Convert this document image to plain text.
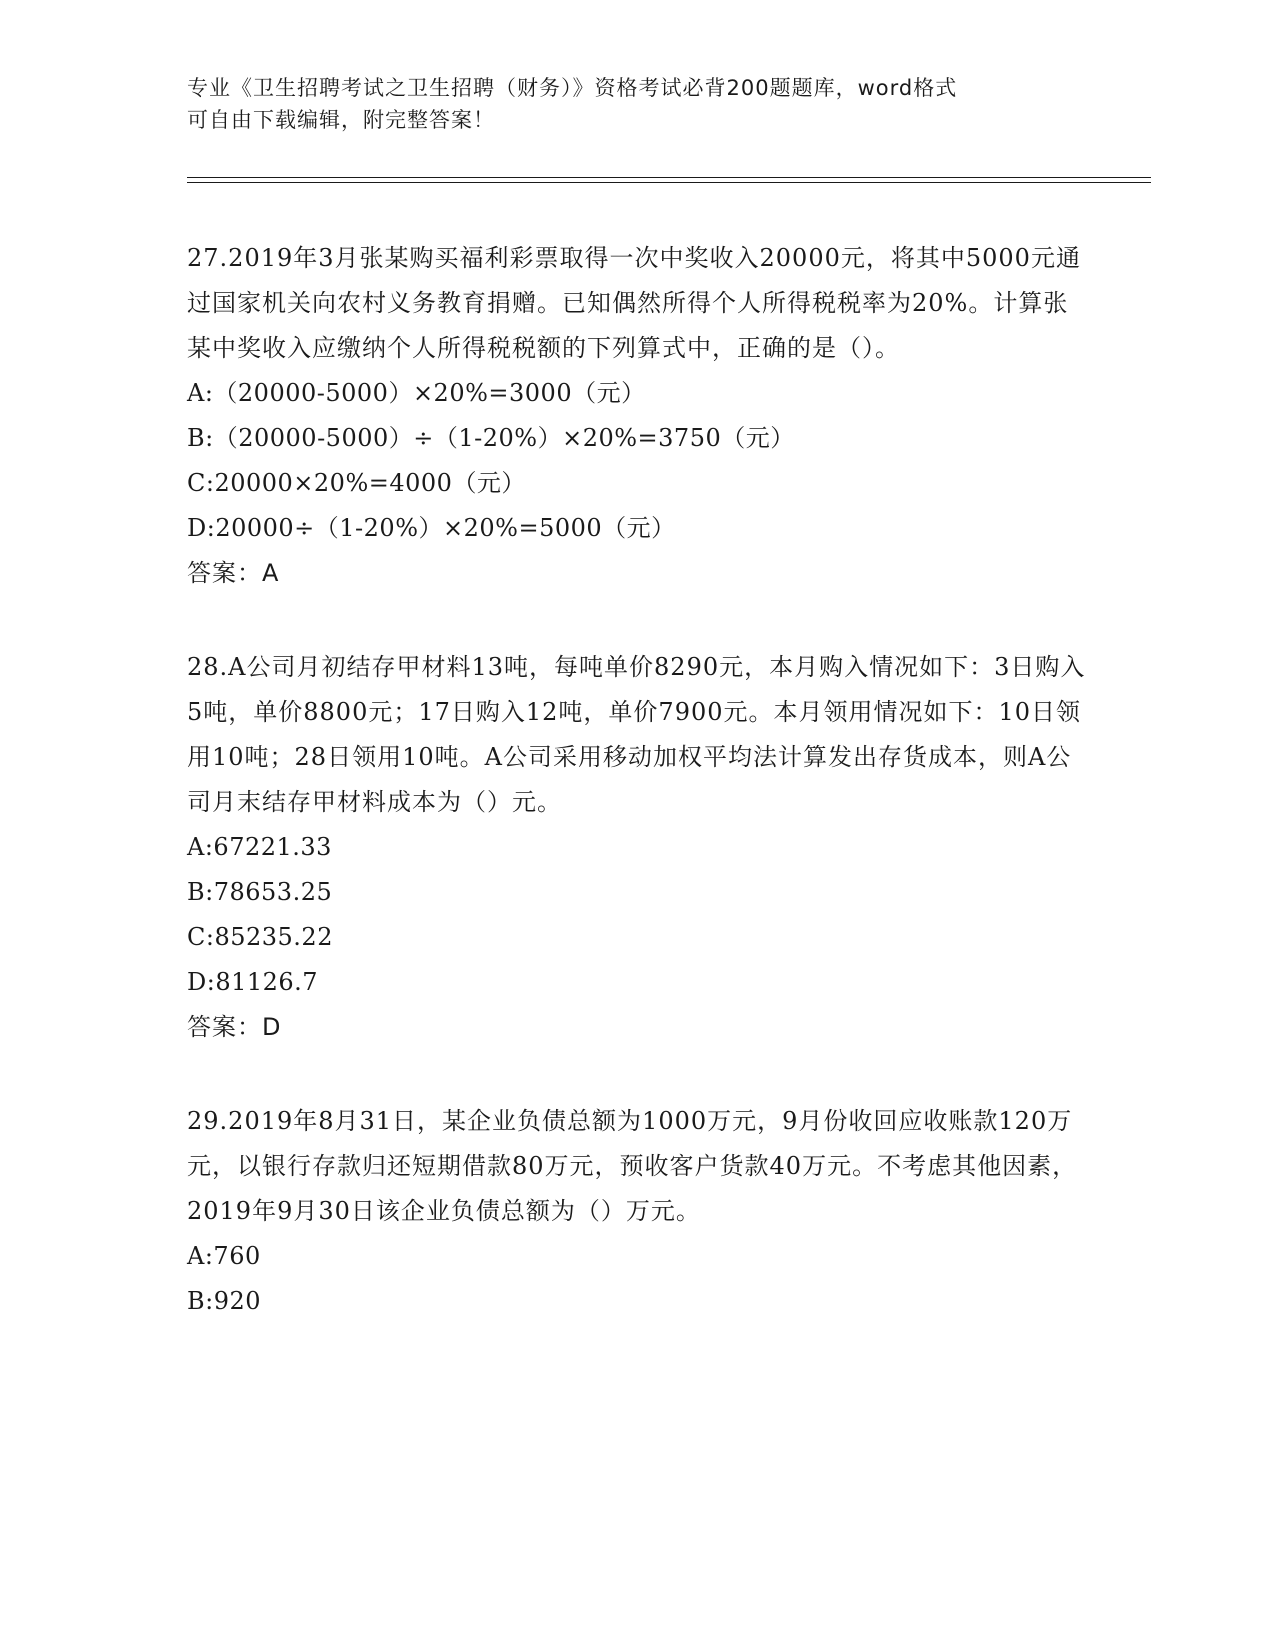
专业《卫生招聘考试之卫生招聘（财务）》资格考试必背200题题库，word格式

可自由下载编辑，附完整答案！

27.2019年3月张某购买福利彩票取得一次中奖收入20000元，将其中5000元通过国家机关向农村义务教育捐赠。已知偶然所得个人所得税税率为20%。计算张某中奖收入应缴纳个人所得税税额的下列算式中，正确的是（）。

A:（20000-5000）×20%=3000（元）

B:（20000-5000）÷（1-20%）×20%=3750（元）

C:20000×20%=4000（元）

D:20000÷（1-20%）×20%=5000（元）

答案：A

28.A公司月初结存甲材料13吨，每吨单价8290元，本月购入情况如下：3日购入5吨，单价8800元；17日购入12吨，单价7900元。本月领用情况如下：10日领用10吨；28日领用10吨。A公司采用移动加权平均法计算发出存货成本，则A公司月末结存甲材料成本为（）元。

A:67221.33

B:78653.25

C:85235.22

D:81126.7

答案：D

29.2019年8月31日，某企业负债总额为1000万元，9月份收回应收账款120万元，以银行存款归还短期借款80万元，预收客户货款40万元。不考虑其他因素，2019年9月30日该企业负债总额为（）万元。

A:760

B:920
